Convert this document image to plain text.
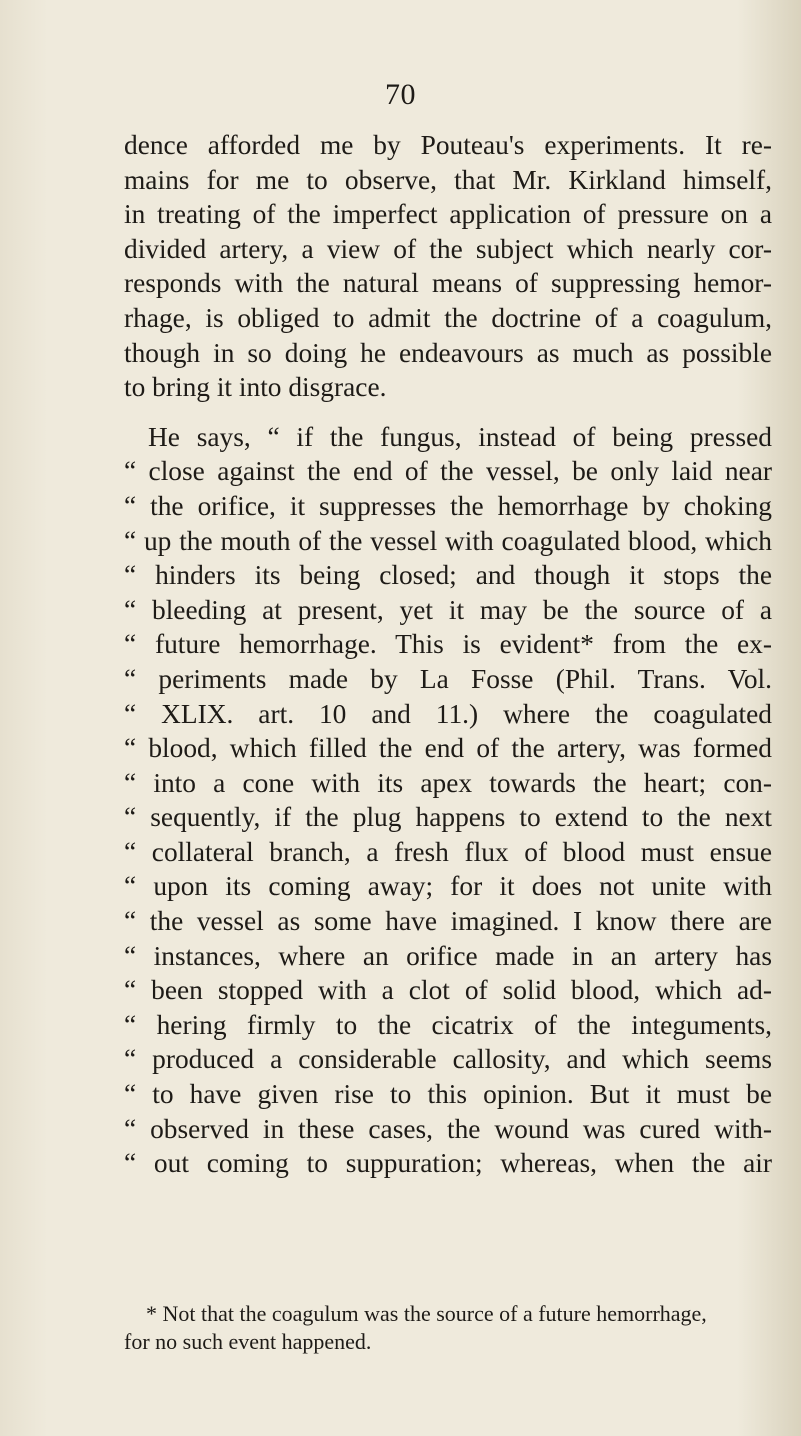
70
dence afforded me by Pouteau's experiments. It re-
mains for me to observe, that Mr. Kirkland himself,
in treating of the imperfect application of pressure on a
divided artery, a view of the subject which nearly cor-
responds with the natural means of suppressing hemor-
rhage, is obliged to admit the doctrine of a coagulum,
though in so doing he endeavours as much as possible
to bring it into disgrace.
He says, “ if the fungus, instead of being pressed
“ close against the end of the vessel, be only laid near
“ the orifice, it suppresses the hemorrhage by choking
“ up the mouth of the vessel with coagulated blood, which
“ hinders its being closed; and though it stops the
“ bleeding at present, yet it may be the source of a
“ future hemorrhage. This is evident* from the ex-
“ periments made by La Fosse (Phil. Trans. Vol.
“ XLIX. art. 10 and 11.) where the coagulated
“ blood, which filled the end of the artery, was formed
“ into a cone with its apex towards the heart; con-
“ sequently, if the plug happens to extend to the next
“ collateral branch, a fresh flux of blood must ensue
“ upon its coming away; for it does not unite with
“ the vessel as some have imagined. I know there are
“ instances, where an orifice made in an artery has
“ been stopped with a clot of solid blood, which ad-
“ hering firmly to the cicatrix of the integuments,
“ produced a considerable callosity, and which seems
“ to have given rise to this opinion. But it must be
“ observed in these cases, the wound was cured with-
“ out coming to suppuration; whereas, when the air
* Not that the coagulum was the source of a future hemorrhage,
for no such event happened.
